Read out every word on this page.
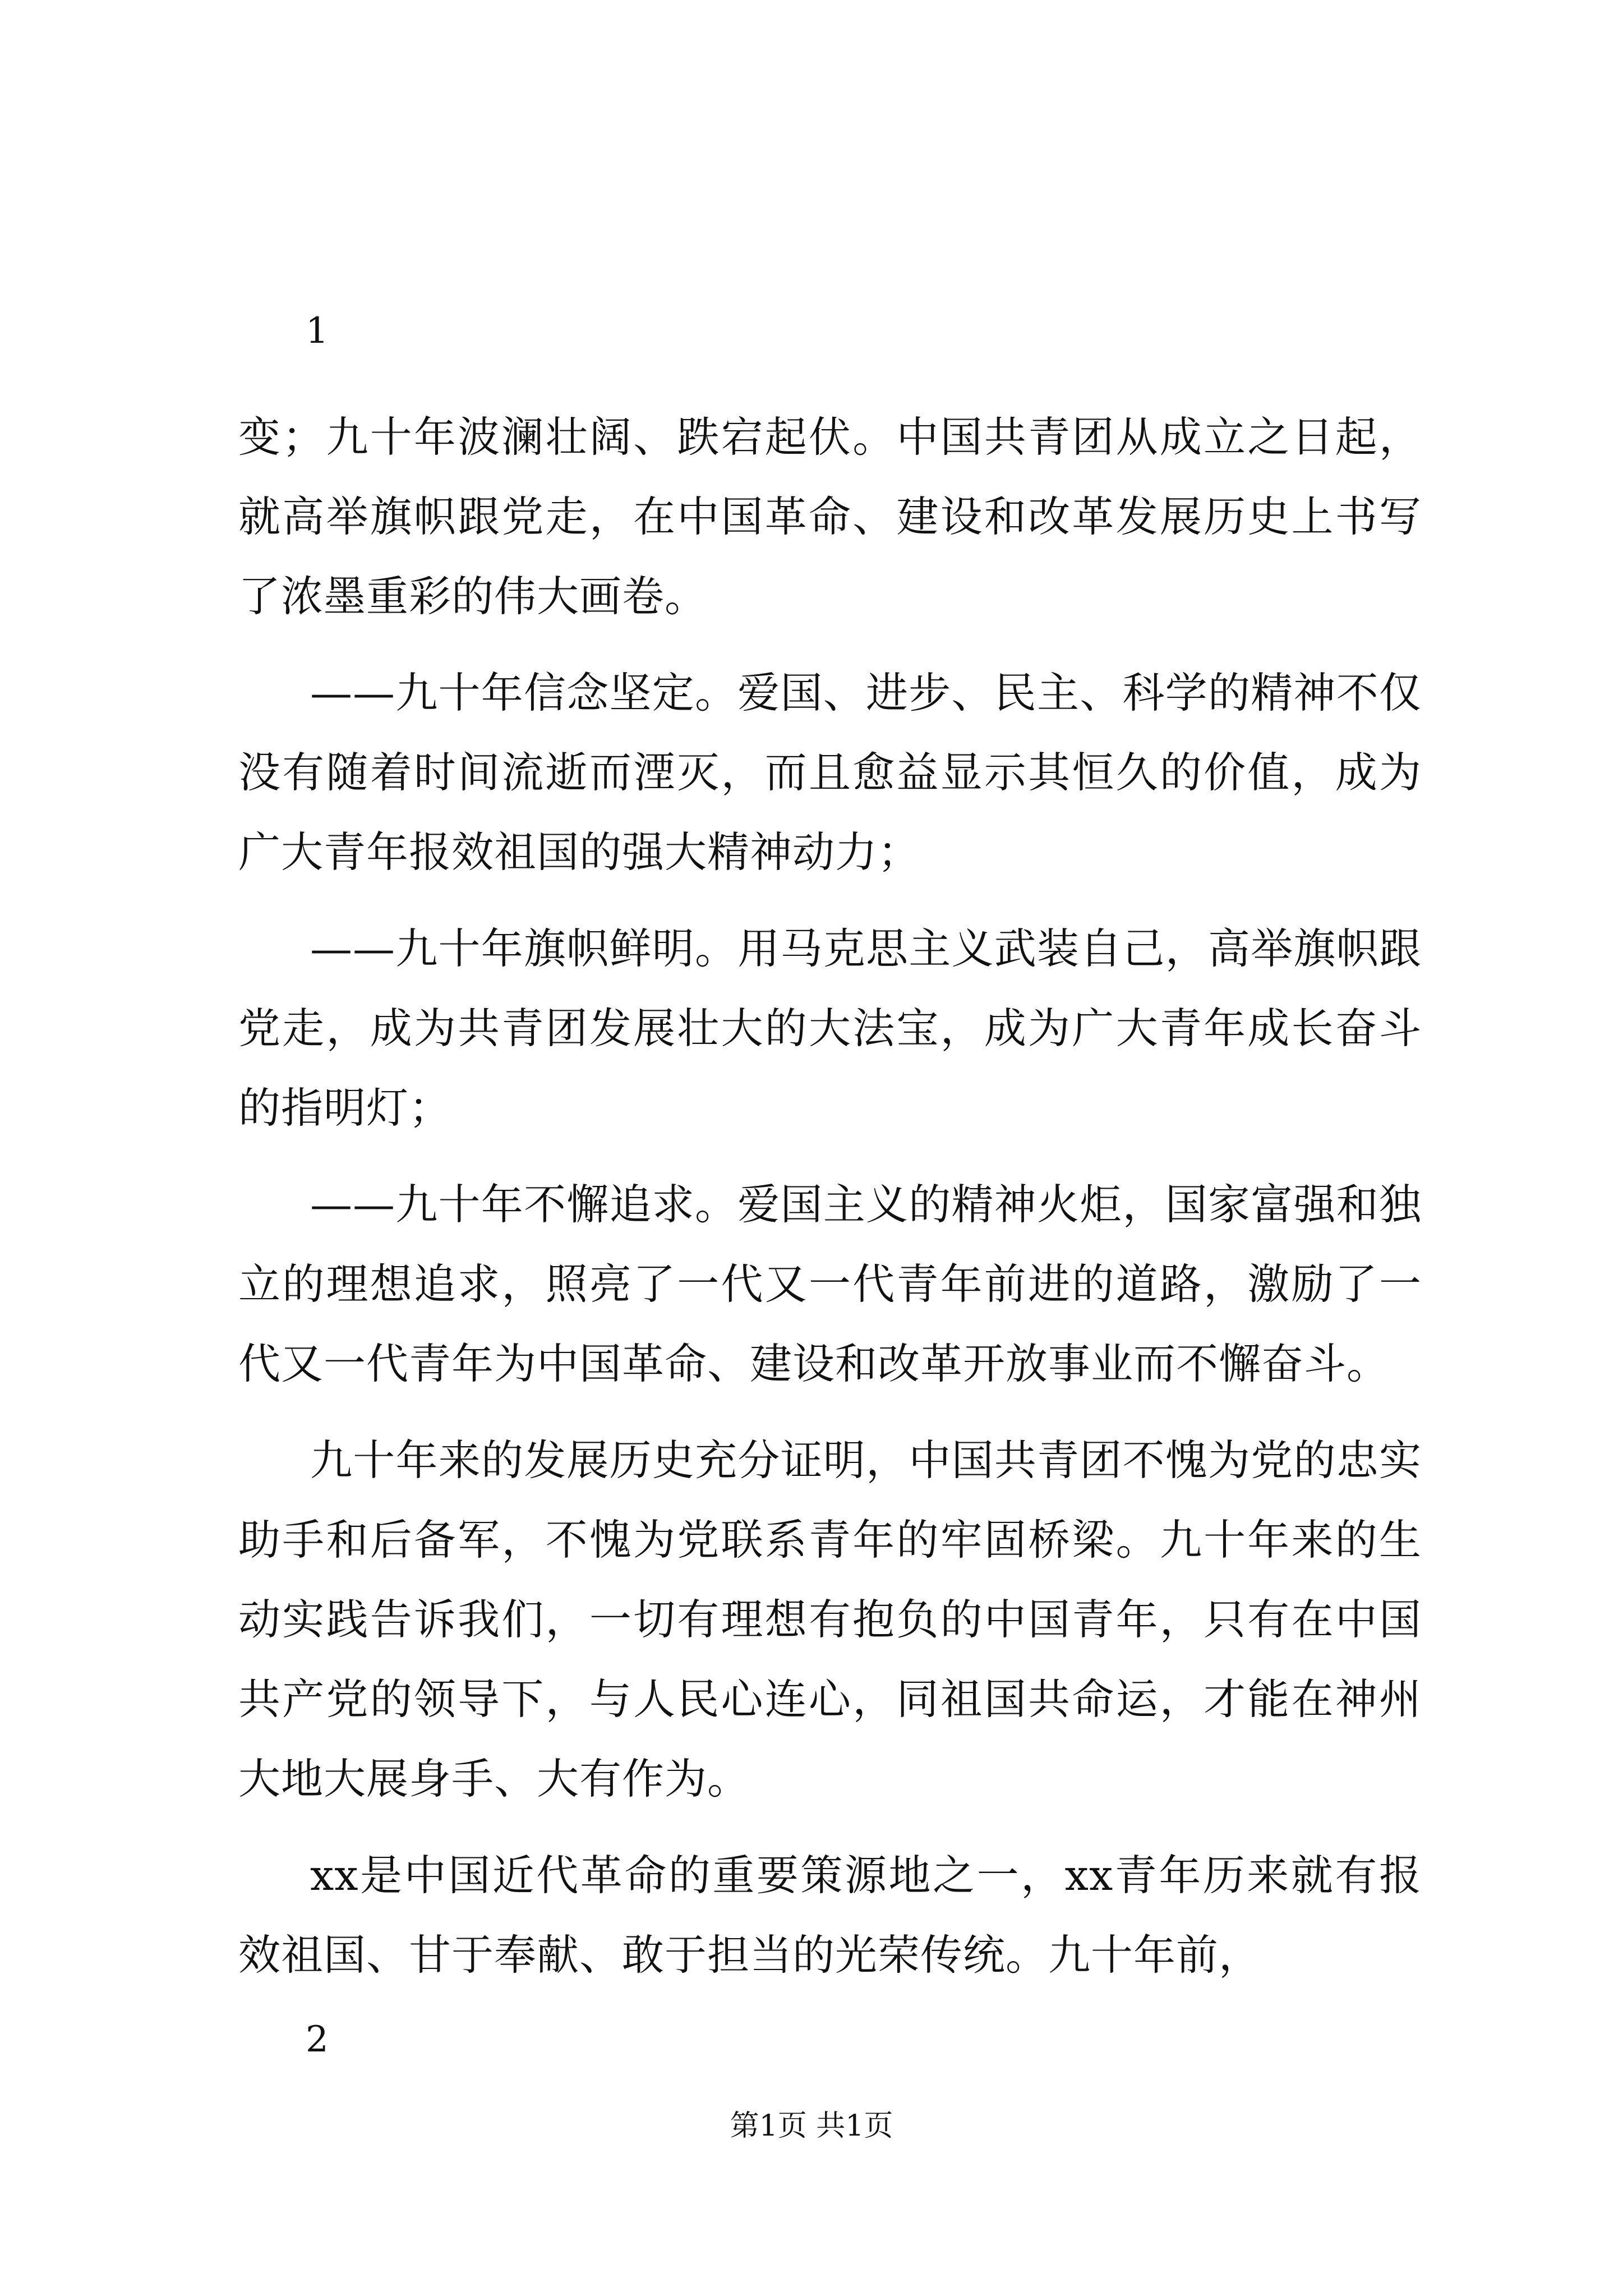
1

变；九十年波澜壮阔、跌宕起伏。中国共青团从成立之日起，就高举旗帜跟党走，在中国革命、建设和改革发展历史上书写了浓墨重彩的伟大画卷。

——九十年信念坚定。爱国、进步、民主、科学的精神不仅没有随着时间流逝而湮灭，而且愈益显示其恒久的价值，成为广大青年报效祖国的强大精神动力；

——九十年旗帜鲜明。用马克思主义武装自己，高举旗帜跟党走，成为共青团发展壮大的大法宝，成为广大青年成长奋斗的指明灯；

——九十年不懈追求。爱国主义的精神火炬，国家富强和独立的理想追求，照亮了一代又一代青年前进的道路，激励了一代又一代青年为中国革命、建设和改革开放事业而不懈奋斗。

九十年来的发展历史充分证明，中国共青团不愧为党的忠实助手和后备军，不愧为党联系青年的牢固桥梁。九十年来的生动实践告诉我们，一切有理想有抱负的中国青年，只有在中国共产党的领导下，与人民心连心，同祖国共命运，才能在神州大地大展身手、大有作为。

xx是中国近代革命的重要策源地之一，xx青年历来就有报效祖国、甘于奉献、敢于担当的光荣传统。九十年前，

2
第1页 共1页
